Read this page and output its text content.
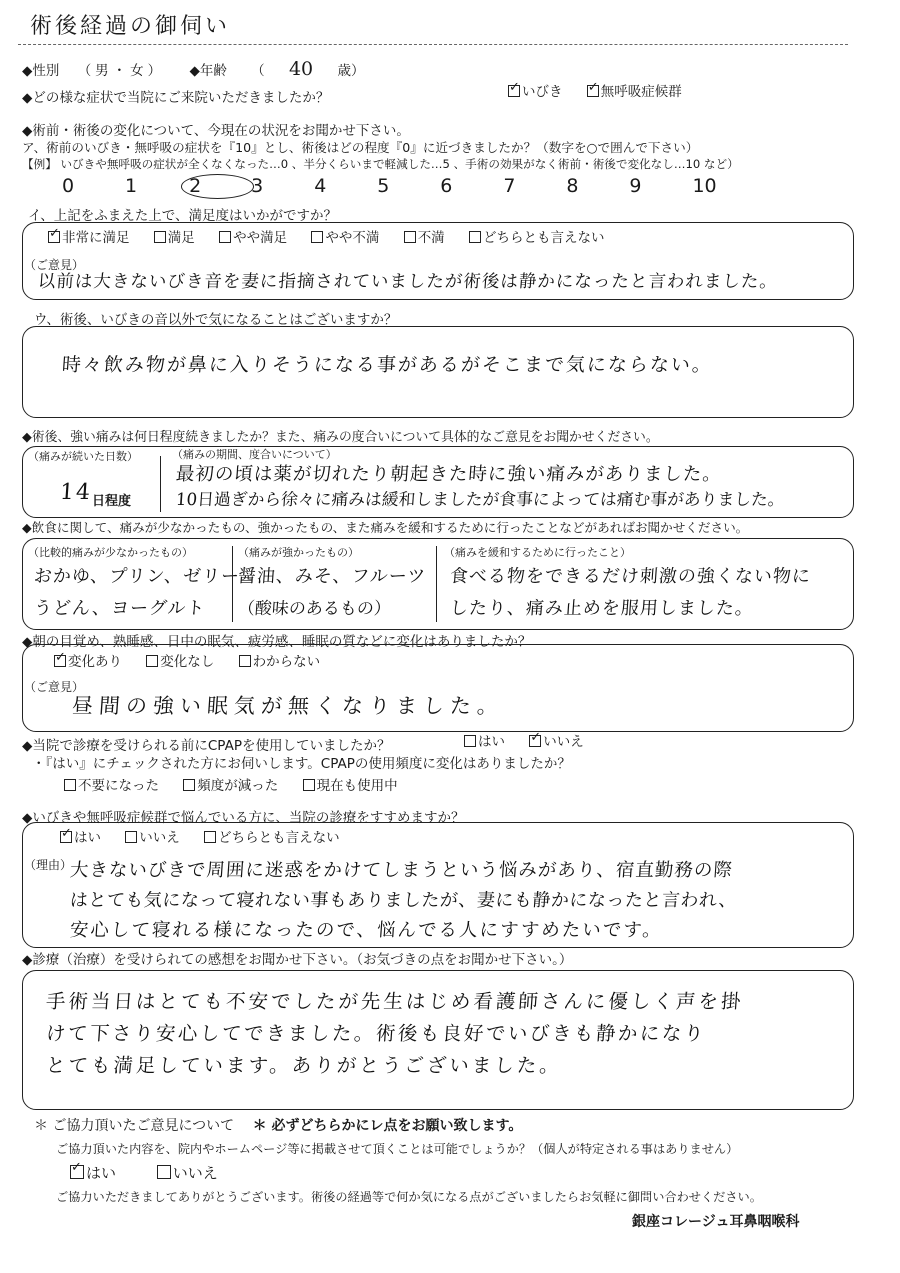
術後経過の御伺い
◆性別 （男・女） ◆年齢 （ 40 歳）
◆どの様な症状で当院にご来院いただきましたか？ ✓	いびき ✓	無呼吸症候群
◆術前・術後の変化について、今現在の状況をお聞かせ下さい。
ア、術前のいびき・無呼吸の症状を『10』とし、術後はどの程度『0』に近づきましたか？（数字を○で囲んで下さい）
【例】 いびきや無呼吸の症状が全くなくなった…0 、半分くらいまで軽減した…5 、手術の効果がなく術前・術後で変化なし…10 など）
0	1	2	3	4	5	6	7	8	9	10
イ、上記をふまえた上で、満足度はいかがですか？
✓非常に満足	満足	やや満足	やや不満	不満	どちらとも言えない
（ご意見）
以前は大きないびき音を妻に指摘されていましたが術後は静かになったと言われました。
ウ、術後、いびきの音以外で気になることはございますか？
時々飲み物が鼻に入りそうになる事があるがそこまで気にならない。
◆術後、強い痛みは何日程度続きましたか？また、痛みの度合いについて具体的なご意見をお聞かせください。
（痛みが続いた日数）
14 日程度
（痛みの期間、度合いについて）
最初の頃は薬が切れたり朝起きた時に強い痛みがありました。
10日過ぎから徐々に痛みは緩和しましたが食事によっては痛む事がありました。
◆飲食に関して、痛みが少なかったもの、強かったもの、また痛みを緩和するために行ったことなどがあればお聞かせください。
（比較的痛みが少なかったもの）
おかゆ、プリン、ゼリー
うどん、ヨーグルト
（痛みが強かったもの）
醤油、みそ、フルーツ
（酸味のあるもの）
（痛みを緩和するために行ったこと）
食べる物をできるだけ刺激の強くない物に
したり、痛み止めを服用しました。
◆朝の目覚め、熟睡感、日中の眠気、疲労感、睡眠の質などに変化はありましたか？
✓変化あり	変化なし	わからない
（ご意見）
昼間の強い眠気が無くなりました。
◆当院で診療を受けられる前にCPAPを使用していましたか？	はい ✓	いいえ
・『はい』にチェックされた方にお伺いします。CPAPの使用頻度に変化はありましたか？
不要になった	頻度が減った	現在も使用中
◆いびきや無呼吸症候群で悩んでいる方に、当院の診療をすすめますか？
✓はい	いいえ	どちらとも言えない
（理由）
大きないびきで周囲に迷惑をかけてしまうという悩みがあり、宿直勤務の際
はとても気になって寝れない事もありましたが、妻にも静かになったと言われ、
安心して寝れる様になったので、悩んでる人にすすめたいです。
◆診療（治療）を受けられての感想をお聞かせ下さい。（お気づきの点をお聞かせ下さい。）
手術当日はとても不安でしたが先生はじめ看護師さんに優しく声を掛
けて下さり安心してできました。術後も良好でいびきも静かになり
とても満足しています。ありがとうございました。
＊ ご協力頂いたご意見について ＊ 必ずどちらかにレ点をお願い致します。
ご協力頂いた内容を、院内やホームページ等に掲載させて頂くことは可能でしょうか？（個人が特定される事はありません）
✓はい	いいえ
ご協力いただきましてありがとうございます。術後の経過等で何か気になる点がございましたらお気軽に御問い合わせください。
銀座コレージュ耳鼻咽喉科
